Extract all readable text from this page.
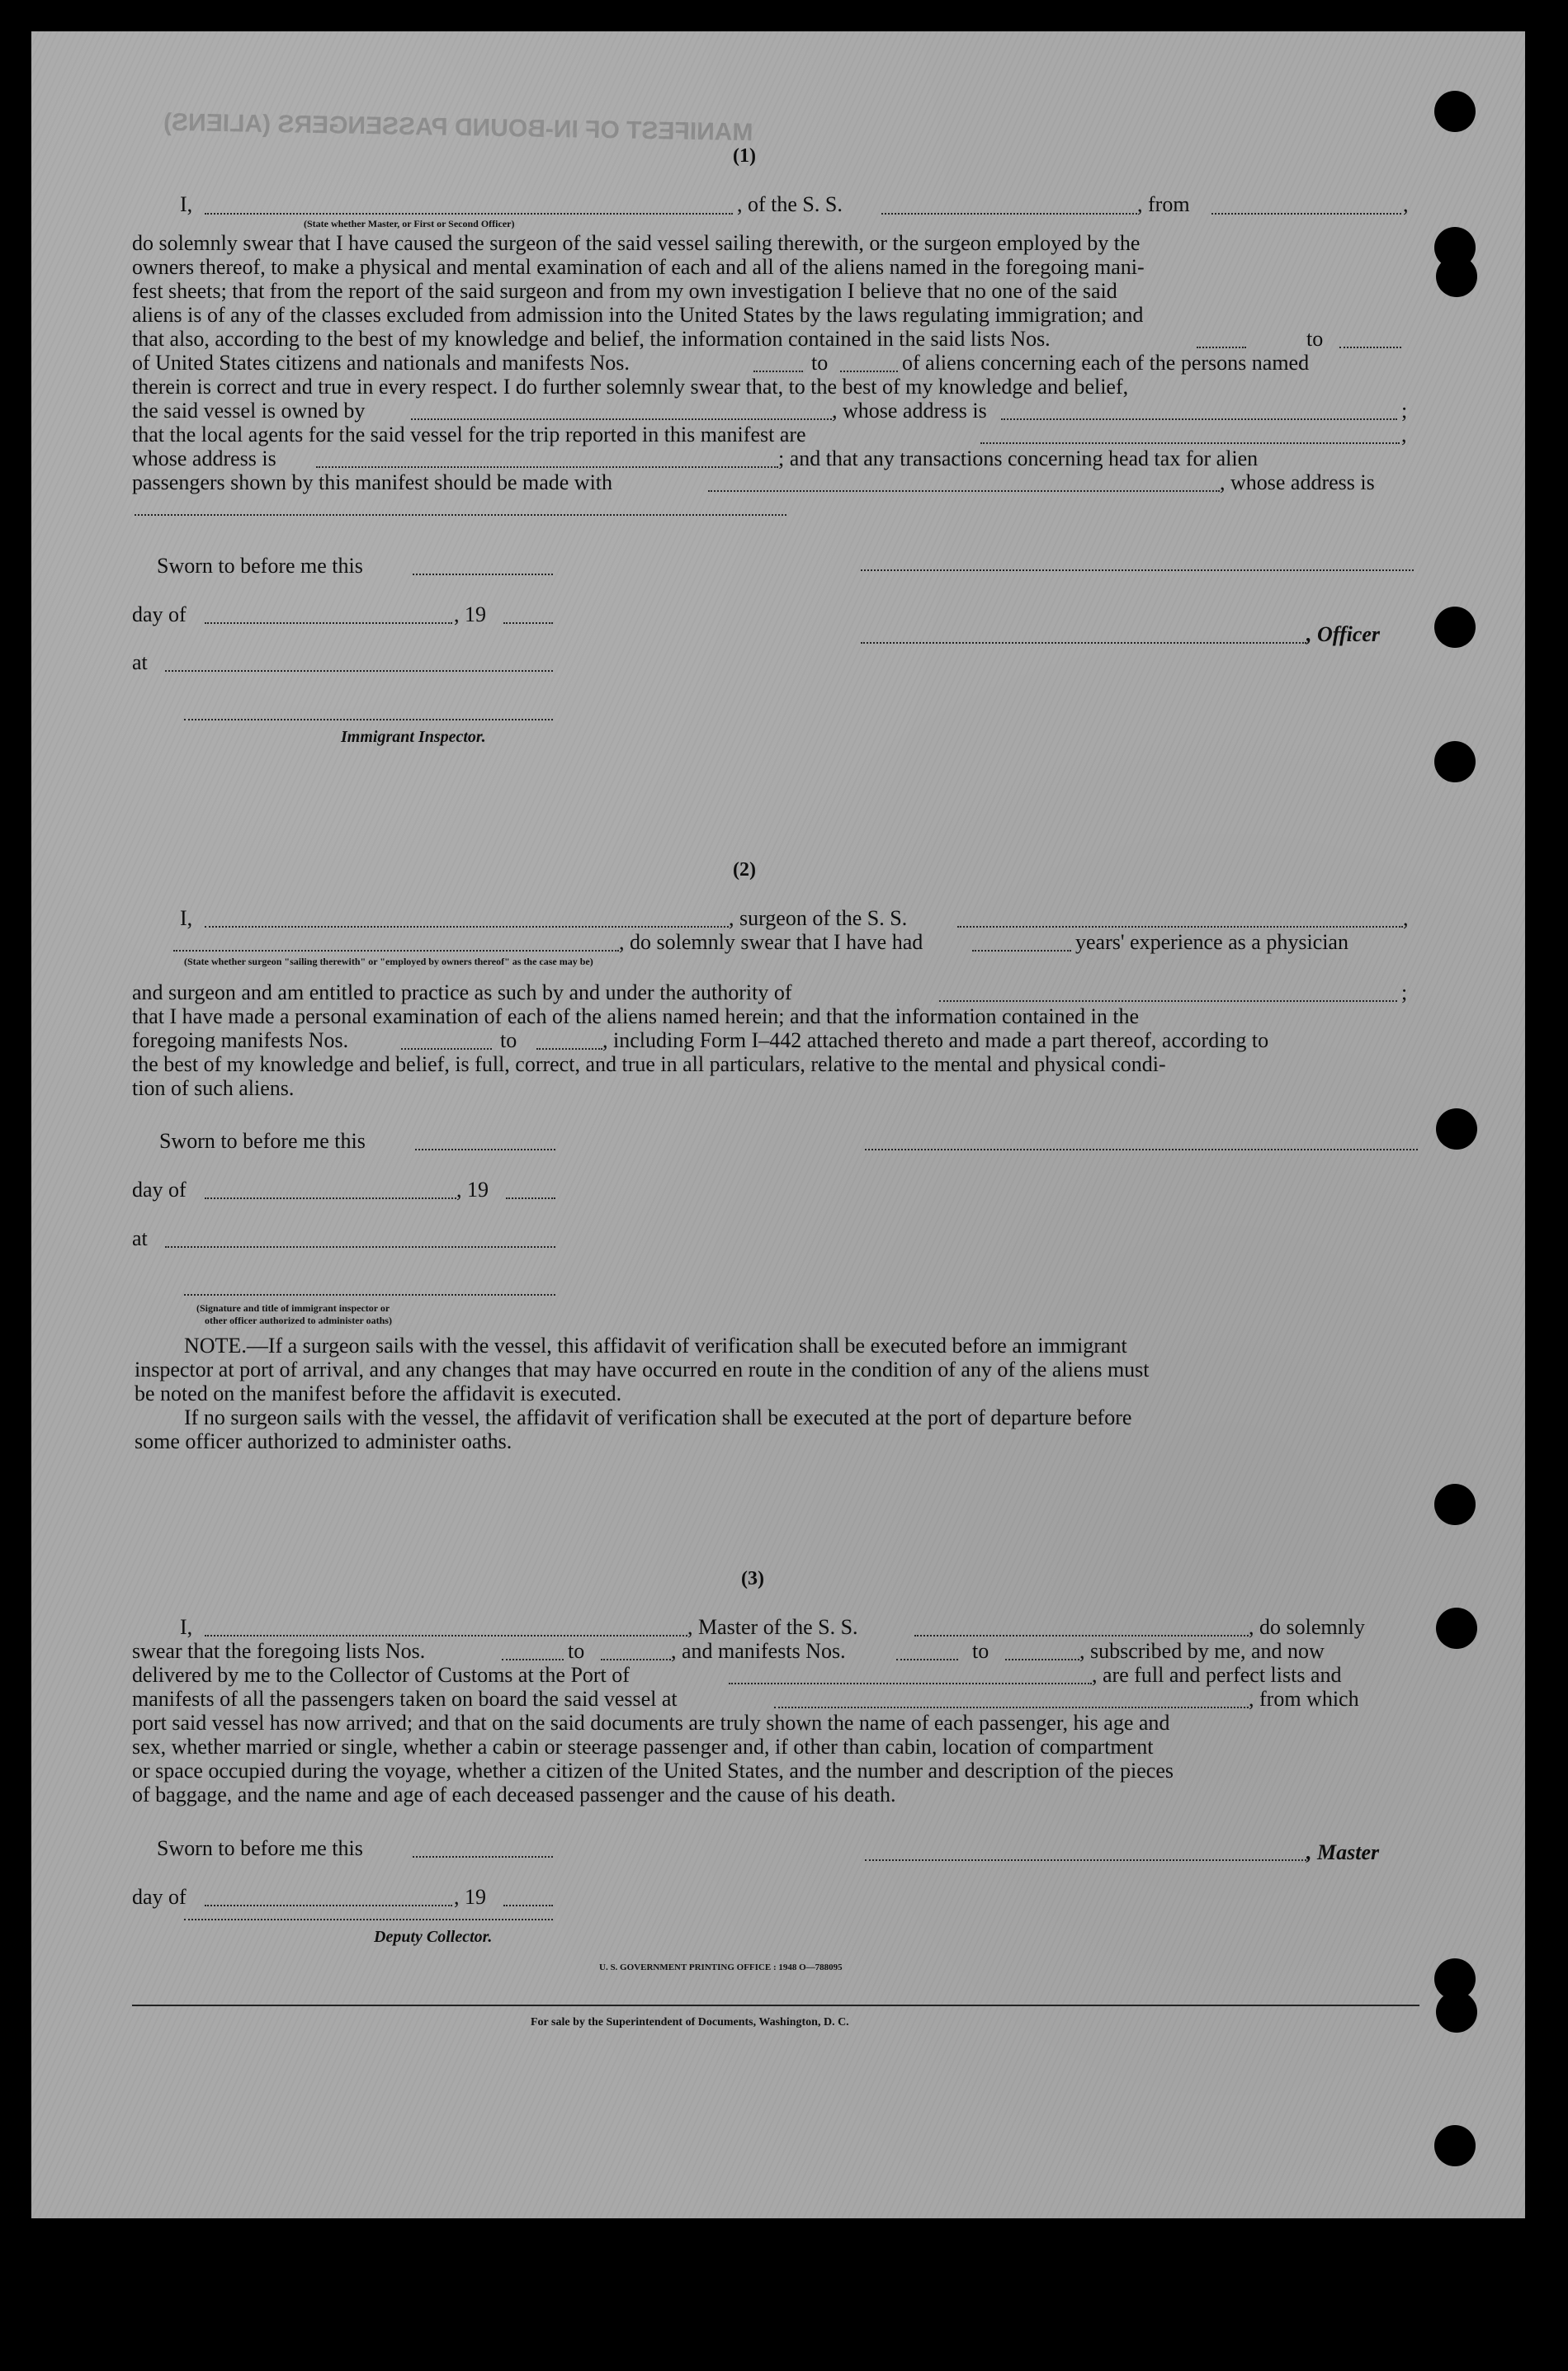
MANIFEST OF IN-BOUND PASSENGERS (ALIENS)
(1)
I,	, of the S. S.	, from	,
(State whether Master, or First or Second Officer)
do solemnly swear that I have caused the surgeon of the said vessel sailing therewith, or the surgeon employed by the
owners thereof, to make a physical and mental examination of each and all of the aliens named in the foregoing mani-
fest sheets; that from the report of the said surgeon and from my own investigation I believe that no one of the said
aliens is of any of the classes excluded from admission into the United States by the laws regulating immigration; and
that also, according to the best of my knowledge and belief, the information contained in the said lists Nos.	to
of United States citizens and nationals and manifests Nos.	to	of aliens concerning each of the persons named
therein is correct and true in every respect. I do further solemnly swear that, to the best of my knowledge and belief,
the said vessel is owned by	, whose address is	;
that the local agents for the said vessel for the trip reported in this manifest are	,
whose address is	; and that any transactions concerning head tax for alien
passengers shown by this manifest should be made with	, whose address is
Sworn to before me this
day of	, 19
, Officer
at
Immigrant Inspector.
(2)
I,	, surgeon of the S. S.	,
, do solemnly swear that I have had	years' experience as a physician
(State whether surgeon "sailing therewith" or "employed by owners thereof" as the case may be)
and surgeon and am entitled to practice as such by and under the authority of	;
that I have made a personal examination of each of the aliens named herein; and that the information contained in the
foregoing manifests Nos.	to	, including Form I–442 attached thereto and made a part thereof, according to
the best of my knowledge and belief, is full, correct, and true in all particulars, relative to the mental and physical condi-
tion of such aliens.
Sworn to before me this
day of	, 19
at
(Signature and title of immigrant inspector or
other officer authorized to administer oaths)
NOTE.—If a surgeon sails with the vessel, this affidavit of verification shall be executed before an immigrant
inspector at port of arrival, and any changes that may have occurred en route in the condition of any of the aliens must
be noted on the manifest before the affidavit is executed.
If no surgeon sails with the vessel, the affidavit of verification shall be executed at the port of departure before
some officer authorized to administer oaths.
(3)
I,	, Master of the S. S.	, do solemnly
swear that the foregoing lists Nos.	to	, and manifests Nos.	to	, subscribed by me, and now
delivered by me to the Collector of Customs at the Port of	, are full and perfect lists and
manifests of all the passengers taken on board the said vessel at	, from which
port said vessel has now arrived; and that on the said documents are truly shown the name of each passenger, his age and
sex, whether married or single, whether a cabin or steerage passenger and, if other than cabin, location of compartment
or space occupied during the voyage, whether a citizen of the United States, and the number and description of the pieces
of baggage, and the name and age of each deceased passenger and the cause of his death.
Sworn to before me this	, Master
day of	, 19
Deputy Collector.
U. S. GOVERNMENT PRINTING OFFICE : 1948 O—788095
For sale by the Superintendent of Documents, Washington, D. C.
